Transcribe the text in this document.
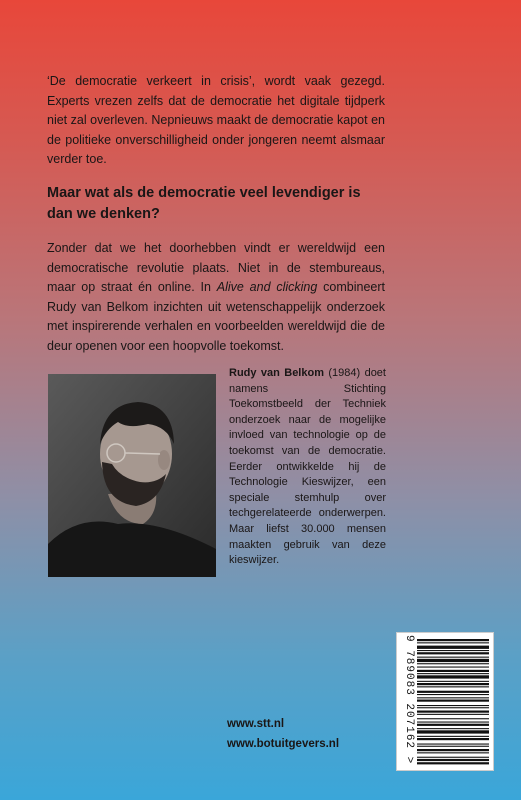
‘De democratie verkeert in crisis’, wordt vaak gezegd. Experts vrezen zelfs dat de democratie het digitale tijdperk niet zal overleven. Nepnieuws maakt de democratie kapot en de politieke onverschilligheid onder jongeren neemt alsmaar verder toe.

Maar wat als de democratie veel levendiger is dan we denken?

Zonder dat we het doorhebben vindt er wereldwijd een democratische revolutie plaats. Niet in de stembureaus, maar op straat én online. In Alive and clicking combineert Rudy van Belkom inzichten uit wetenschappelijk onderzoek met inspirerende verhalen en voorbeelden wereldwijd die de deur openen voor een hoopvolle toekomst.

Rudy van Belkom (1984) doet namens Stichting Toekomstbeeld der Techniek onderzoek naar de mogelijke invloed van technologie op de toekomst van de democratie. Eerder ontwikkelde hij de Technologie Kieswijzer, een speciale stemhulp over techgerelateerde onderwerpen. Maar liefst 30.000 mensen maakten gebruik van deze kieswijzer.

www.stt.nl
www.botuitgevers.nl	9 789083 207162 >
